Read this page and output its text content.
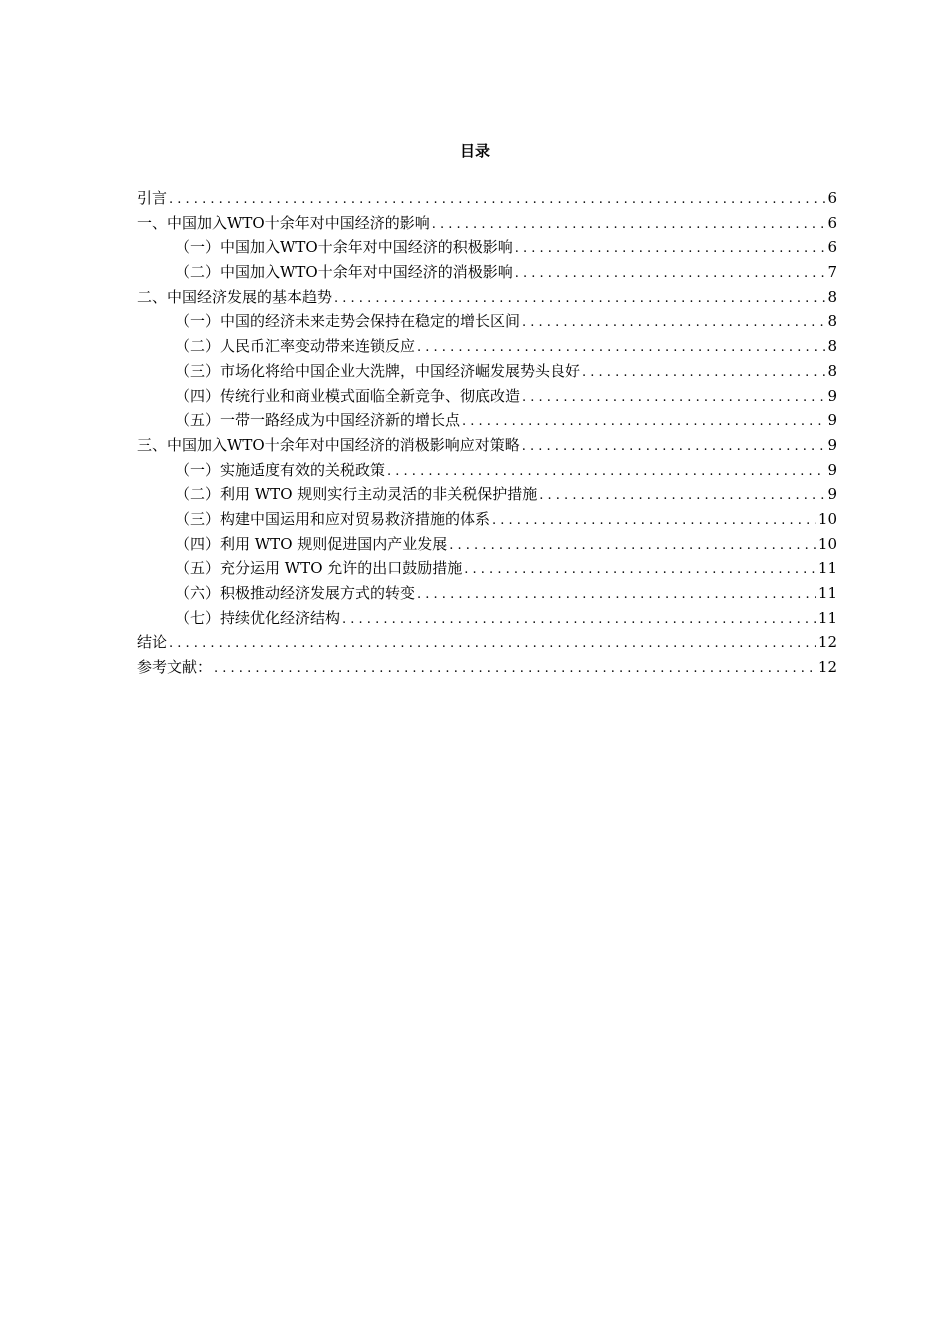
目录
引言 . . .	6
一、中国加入WTO十余年对中国经济的影响 . . .	6
（一）中国加入WTO十余年对中国经济的积极影响 . . .	6
（二）中国加入WTO十余年对中国经济的消极影响 . . .	7
二、中国经济发展的基本趋势 . . .	8
（一）中国的经济未来走势会保持在稳定的增长区间 . . .	8
（二）人民币汇率变动带来连锁反应 . . .	8
（三）市场化将给中国企业大洗牌，中国经济崛发展势头良好 . . .	8
（四）传统行业和商业模式面临全新竞争、彻底改造 . . .	9
（五）一带一路经成为中国经济新的增长点 . . .	9
三、中国加入WTO十余年对中国经济的消极影响应对策略 . . .	9
（一）实施适度有效的关税政策 . . .	9
（二）利用 WTO 规则实行主动灵活的非关税保护措施 . . .	9
（三）构建中国运用和应对贸易救济措施的体系 . . .	10
（四）利用 WTO 规则促进国内产业发展 . . .	10
（五）充分运用 WTO 允许的出口鼓励措施 . . .	11
（六）积极推动经济发展方式的转变 . . .	11
（七）持续优化经济结构 . . .	11
结论 . . .	12
参考文献： . . .	12
